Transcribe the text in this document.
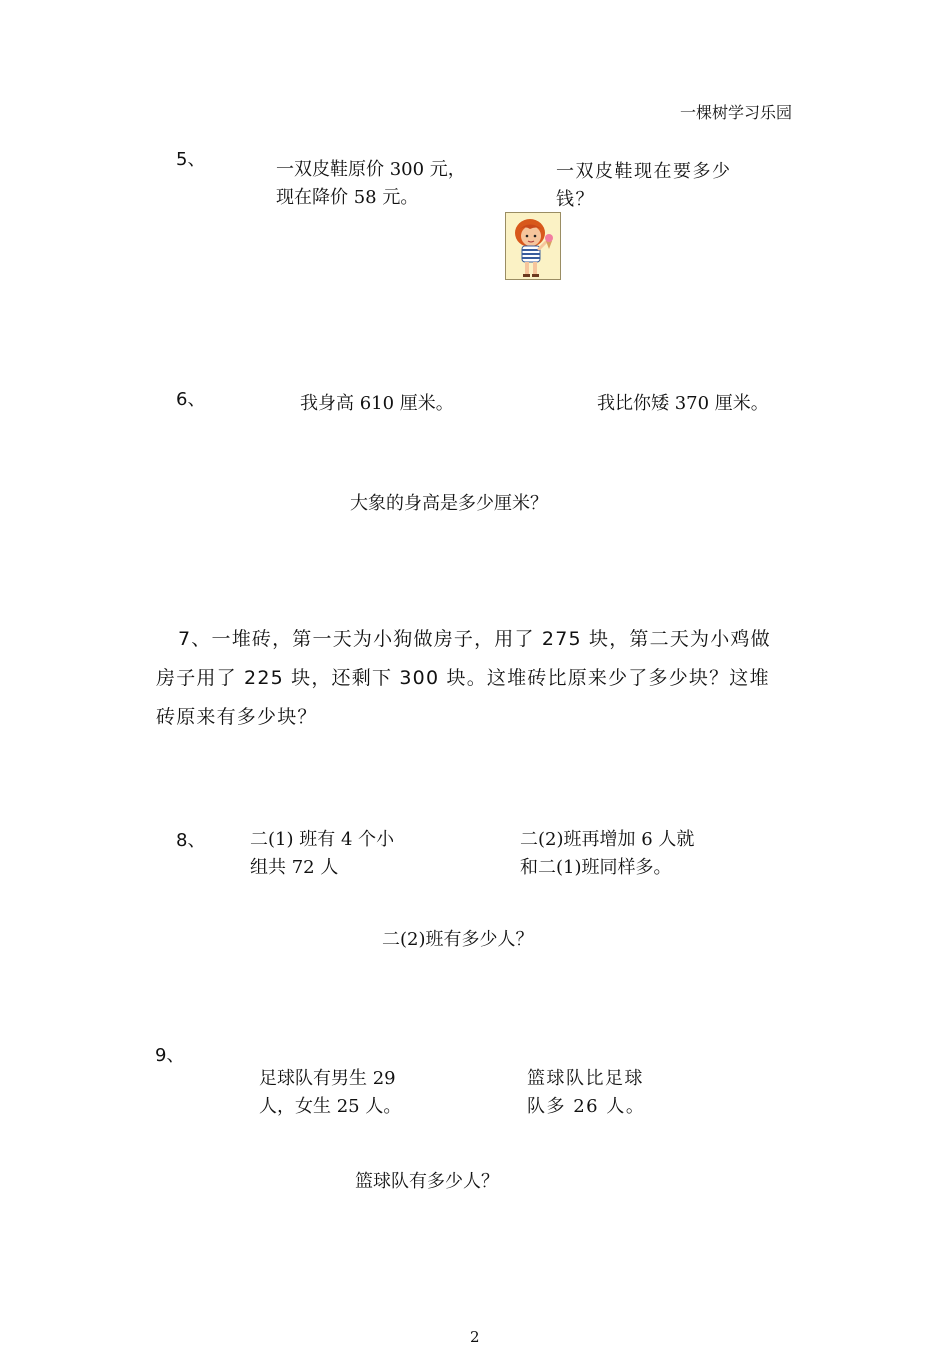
一棵树学习乐园
5、	一双皮鞋原价 300 元，
现在降价 58 元。
一双皮鞋现在要多少
钱？
6、	我身高 610 厘米。	我比你矮 370 厘米。
大象的身高是多少厘米？
7、一堆砖，第一天为小狗做房子，用了 275 块，第二天为小鸡做
房子用了 225 块，还剩下 300 块。这堆砖比原来少了多少块？这堆
砖原来有多少块？
8、 二(1) 班有 4 个小
组共 72 人
二(2)班再增加 6 人就
和二(1)班同样多。
二(2)班有多少人？
9、
足球队有男生 29
人，女生 25 人。
篮球队比足球
队多 26 人。
篮球队有多少人？
2
